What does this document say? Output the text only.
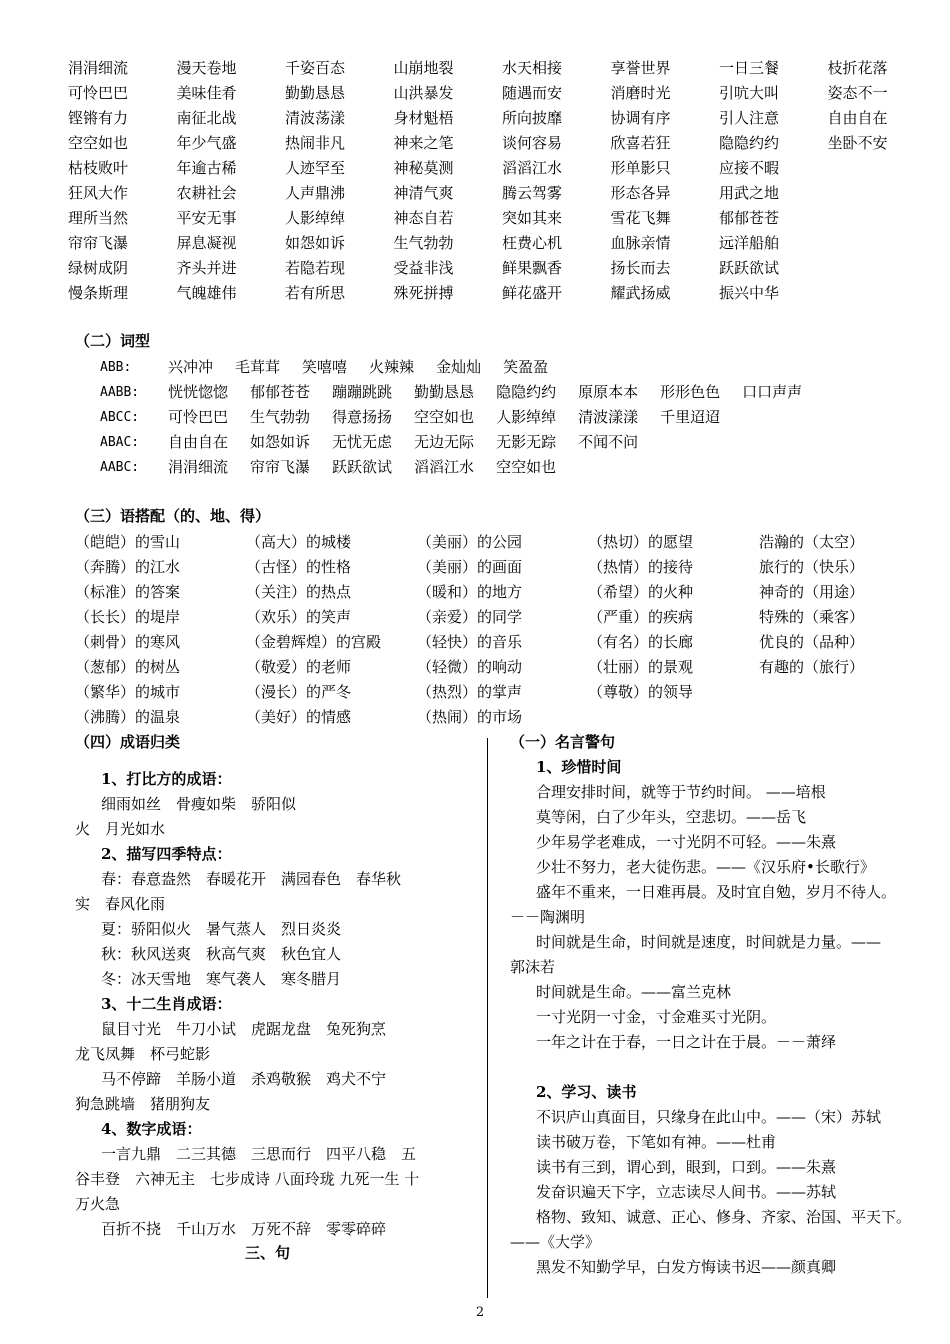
涓涓细流	漫天卷地	千姿百态	山崩地裂	水天相接	享誉世界	一日三餐	枝折花落
可怜巴巴	美味佳肴	勤勤恳恳	山洪暴发	随遇而安	消磨时光	引吭大叫	姿态不一
铿锵有力	南征北战	清波荡漾	身材魁梧	所向披靡	协调有序	引人注意	自由自在
空空如也	年少气盛	热闹非凡	神来之笔	谈何容易	欣喜若狂	隐隐约约	坐卧不安
枯枝败叶	年逾古稀	人迹罕至	神秘莫测	滔滔江水	形单影只	应接不暇
狂风大作	农耕社会	人声鼎沸	神清气爽	腾云驾雾	形态各异	用武之地
理所当然	平安无事	人影绰绰	神态自若	突如其来	雪花飞舞	郁郁苍苍
帘帘飞瀑	屏息凝视	如怨如诉	生气勃勃	枉费心机	血脉亲情	远洋船舶
绿树成阴	齐头并进	若隐若现	受益非浅	鲜果飘香	扬长而去	跃跃欲试
慢条斯理	气魄雄伟	若有所思	殊死拼搏	鲜花盛开	耀武扬威	振兴中华
（二）词型
ABB:	兴冲冲 毛茸茸 笑嘻嘻 火辣辣 金灿灿 笑盈盈
AABB:	恍恍惚惚 郁郁苍苍 蹦蹦跳跳 勤勤恳恳 隐隐约约 原原本本 形形色色 口口声声
ABCC:	可怜巴巴 生气勃勃 得意扬扬 空空如也 人影绰绰 清波漾漾 千里迢迢
ABAC:	自由自在 如怨如诉 无忧无虑 无边无际 无影无踪 不闻不问
AABC:	涓涓细流 帘帘飞瀑 跃跃欲试 滔滔江水 空空如也
（三）语搭配（的、地、得）
（皑皑）的雪山	（高大）的城楼	（美丽）的公园	（热切）的愿望	浩瀚的（太空）
（奔腾）的江水	（古怪）的性格	（美丽）的画面	（热情）的接待	旅行的（快乐）
（标准）的答案	（关注）的热点	（暖和）的地方	（希望）的火种	神奇的（用途）
（长长）的堤岸	（欢乐）的笑声	（亲爱）的同学	（严重）的疾病	特殊的（乘客）
（刺骨）的寒风	（金碧辉煌）的宫殿	（轻快）的音乐	（有名）的长廊	优良的（品种）
（葱郁）的树丛	（敬爱）的老师	（轻微）的响动	（壮丽）的景观	有趣的（旅行）
（繁华）的城市	（漫长）的严冬	（热烈）的掌声	（尊敬）的领导
（沸腾）的温泉	（美好）的情感	（热闹）的市场
（四）成语归类
1、打比方的成语：
细雨如丝　骨瘦如柴　骄阳似
火　月光如水
2、描写四季特点：
春：春意盎然　春暖花开　满园春色　春华秋
实　春风化雨
夏：骄阳似火　暑气蒸人　烈日炎炎
秋：秋风送爽　秋高气爽　秋色宜人
冬：冰天雪地　寒气袭人　寒冬腊月
3、十二生肖成语：
鼠目寸光　牛刀小试　虎踞龙盘　兔死狗烹
龙飞凤舞　杯弓蛇影
马不停蹄　羊肠小道　杀鸡敬猴　鸡犬不宁
狗急跳墙　猪朋狗友
4、数字成语：
一言九鼎　二三其德　三思而行　四平八稳　五
谷丰登　六神无主　七步成诗 八面玲珑 九死一生 十
万火急
百折不挠　千山万水　万死不辞　零零碎碎
（一）名言警句
1、珍惜时间
合理安排时间，就等于节约时间。 ——培根
莫等闲，白了少年头，空悲切。——岳飞
少年易学老难成，一寸光阴不可轻。——朱熹
少壮不努力，老大徒伤悲。——《汉乐府•长歌行》
盛年不重来，一日难再晨。及时宜自勉，岁月不待人。
－－陶渊明
时间就是生命，时间就是速度，时间就是力量。——
郭沫若
时间就是生命。——富兰克林
一寸光阴一寸金，寸金难买寸光阴。
一年之计在于春，一日之计在于晨。－－萧绎
2、学习、读书
不识庐山真面目，只缘身在此山中。——（宋）苏轼
读书破万卷，下笔如有神。——杜甫
读书有三到，谓心到，眼到，口到。——朱熹
发奋识遍天下字，立志读尽人间书。——苏轼
格物、致知、诚意、正心、修身、齐家、治国、平天下。
——《大学》
黑发不知勤学早，白发方悔读书迟——颜真卿
三、句
2
